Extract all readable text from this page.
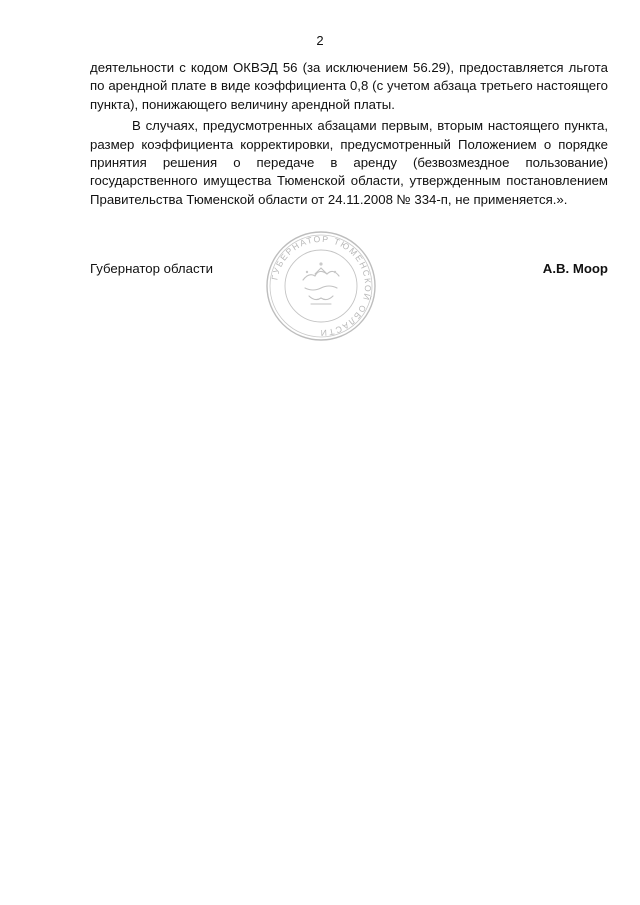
2

деятельности с кодом ОКВЭД 56 (за исключением 56.29), предоставляется льгота по арендной плате в виде коэффициента 0,8 (с учетом абзаца третьего настоящего пункта), понижающего величину арендной платы.

В случаях, предусмотренных абзацами первым, вторым настоящего пункта, размер коэффициента корректировки, предусмотренный Положением о порядке принятия решения о передаче в аренду (безвозмездное пользование) государственного имущества Тюменской области, утвержденным постановлением Правительства Тюменской области от 24.11.2008 № 334-п, не применяется.».

ГУБЕРНАТОР ТЮМЕНСКОЙ ОБЛАСТИ
Губернатор области	А.В. Моор
